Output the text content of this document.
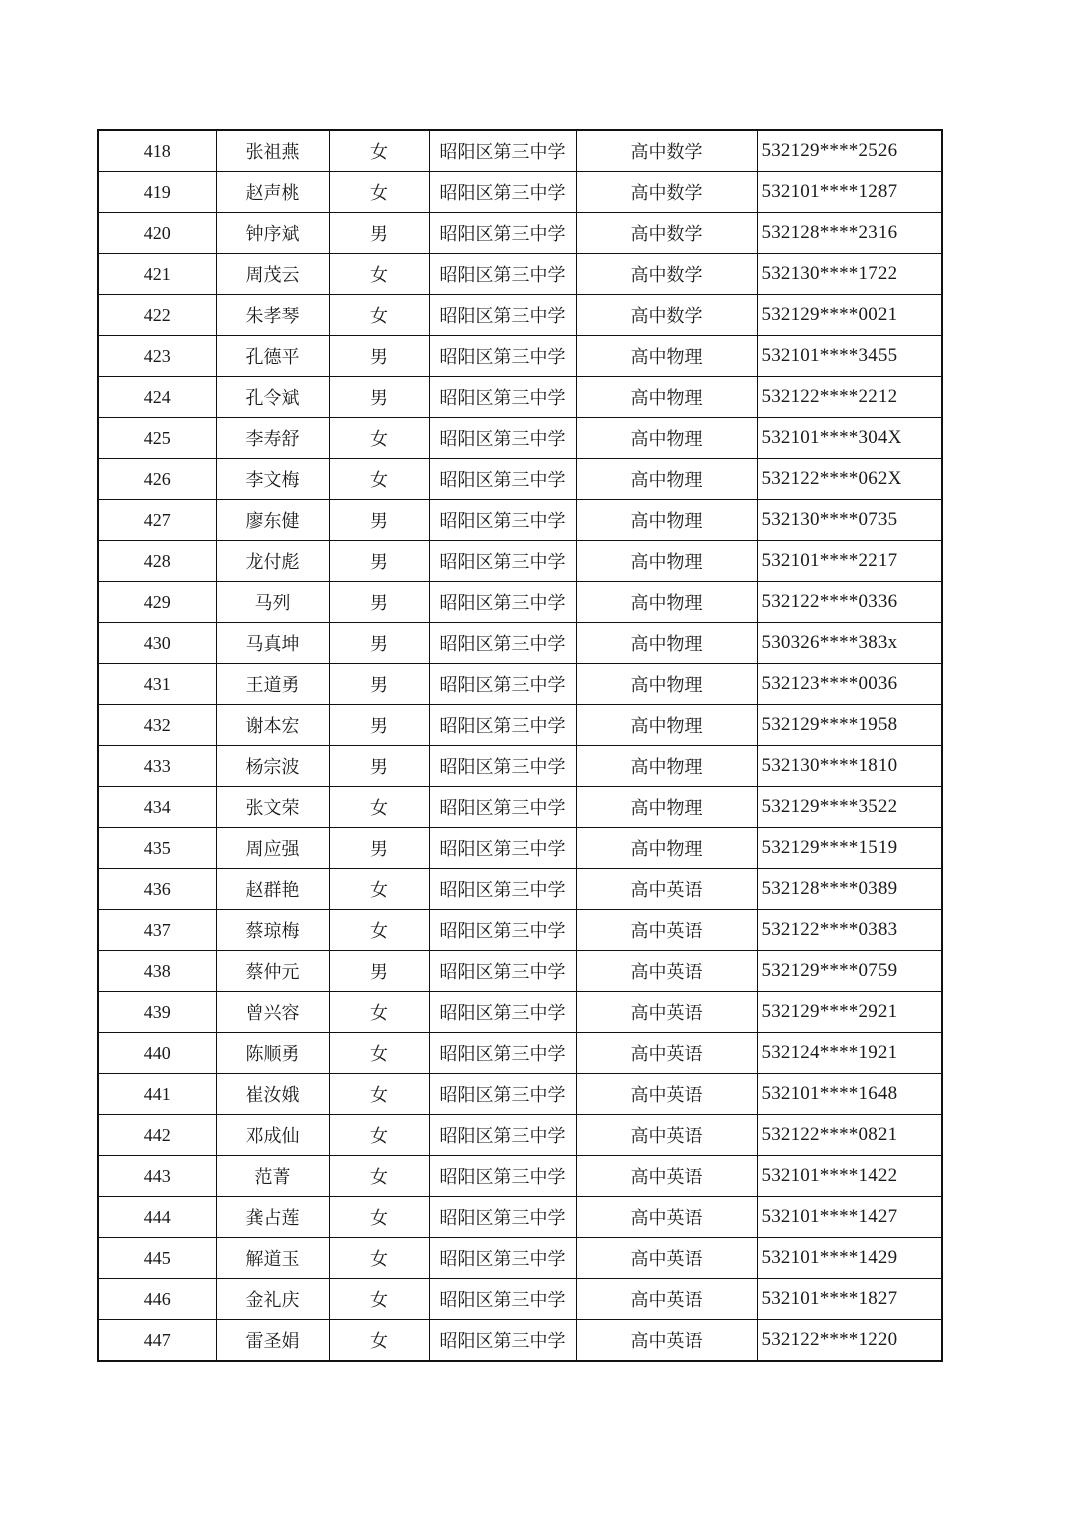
418	张祖燕	女	昭阳区第三中学	高中数学	532129****2526
419	赵声桃	女	昭阳区第三中学	高中数学	532101****1287
420	钟序斌	男	昭阳区第三中学	高中数学	532128****2316
421	周茂云	女	昭阳区第三中学	高中数学	532130****1722
422	朱孝琴	女	昭阳区第三中学	高中数学	532129****0021
423	孔德平	男	昭阳区第三中学	高中物理	532101****3455
424	孔令斌	男	昭阳区第三中学	高中物理	532122****2212
425	李寿舒	女	昭阳区第三中学	高中物理	532101****304X
426	李文梅	女	昭阳区第三中学	高中物理	532122****062X
427	廖东健	男	昭阳区第三中学	高中物理	532130****0735
428	龙付彪	男	昭阳区第三中学	高中物理	532101****2217
429	马列	男	昭阳区第三中学	高中物理	532122****0336
430	马真坤	男	昭阳区第三中学	高中物理	530326****383x
431	王道勇	男	昭阳区第三中学	高中物理	532123****0036
432	谢本宏	男	昭阳区第三中学	高中物理	532129****1958
433	杨宗波	男	昭阳区第三中学	高中物理	532130****1810
434	张文荣	女	昭阳区第三中学	高中物理	532129****3522
435	周应强	男	昭阳区第三中学	高中物理	532129****1519
436	赵群艳	女	昭阳区第三中学	高中英语	532128****0389
437	蔡琼梅	女	昭阳区第三中学	高中英语	532122****0383
438	蔡仲元	男	昭阳区第三中学	高中英语	532129****0759
439	曾兴容	女	昭阳区第三中学	高中英语	532129****2921
440	陈顺勇	女	昭阳区第三中学	高中英语	532124****1921
441	崔汝娥	女	昭阳区第三中学	高中英语	532101****1648
442	邓成仙	女	昭阳区第三中学	高中英语	532122****0821
443	范菁	女	昭阳区第三中学	高中英语	532101****1422
444	龚占莲	女	昭阳区第三中学	高中英语	532101****1427
445	解道玉	女	昭阳区第三中学	高中英语	532101****1429
446	金礼庆	女	昭阳区第三中学	高中英语	532101****1827
447	雷圣娟	女	昭阳区第三中学	高中英语	532122****1220
